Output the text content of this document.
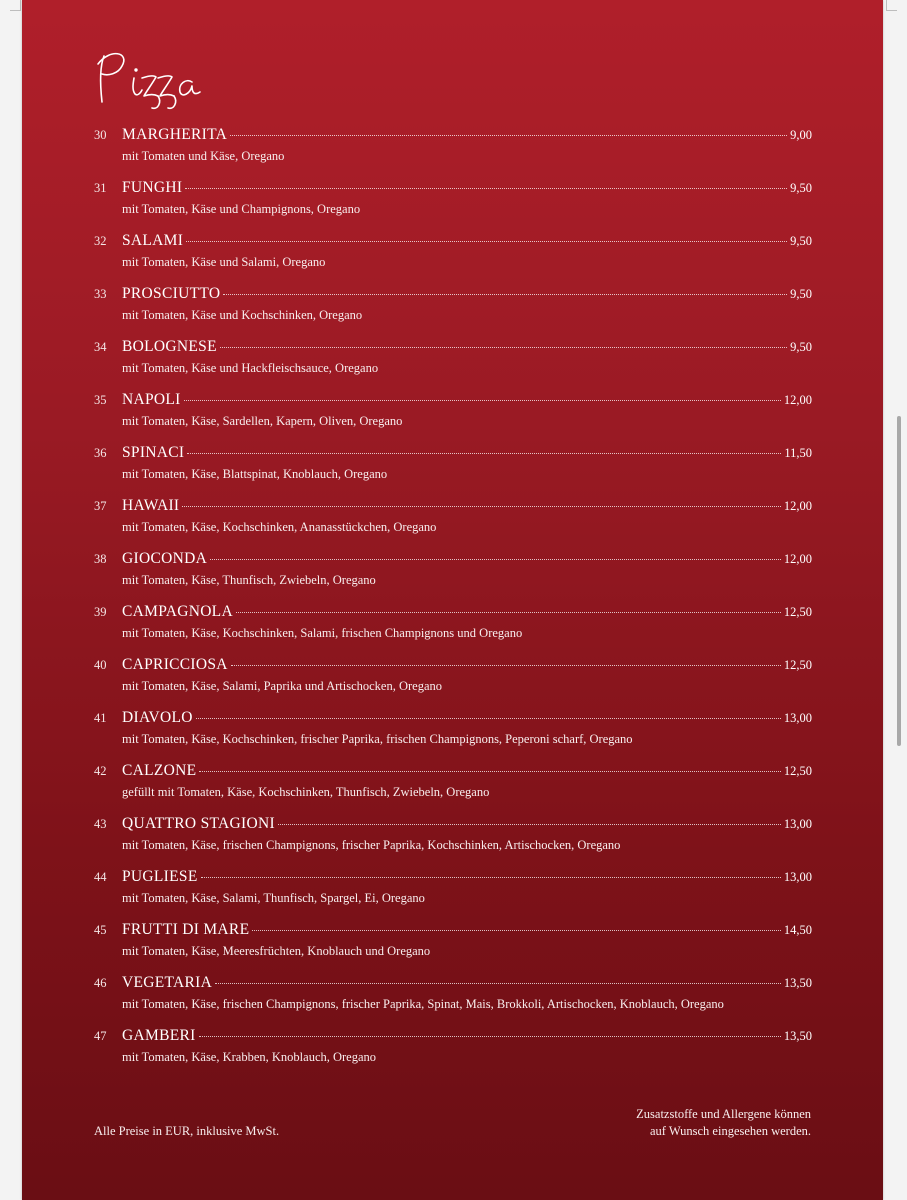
30	MARGHERITA	9,00
mit Tomaten und Käse, Oregano
31	FUNGHI	9,50
mit Tomaten, Käse und Champignons, Oregano
32	SALAMI	9,50
mit Tomaten, Käse und Salami, Oregano
33	PROSCIUTTO	9,50
mit Tomaten, Käse und Kochschinken, Oregano
34	BOLOGNESE	9,50
mit Tomaten, Käse und Hackfleischsauce, Oregano
35	NAPOLI	12,00
mit Tomaten, Käse, Sardellen, Kapern, Oliven, Oregano
36	SPINACI	11,50
mit Tomaten, Käse, Blattspinat, Knoblauch, Oregano
37	HAWAII	12,00
mit Tomaten, Käse, Kochschinken, Ananasstückchen, Oregano
38	GIOCONDA	12,00
mit Tomaten, Käse, Thunfisch, Zwiebeln, Oregano
39	CAMPAGNOLA	12,50
mit Tomaten, Käse, Kochschinken, Salami, frischen Champignons und Oregano
40	CAPRICCIOSA	12,50
mit Tomaten, Käse, Salami, Paprika und Artischocken, Oregano
41	DIAVOLO	13,00
mit Tomaten, Käse, Kochschinken, frischer Paprika, frischen Champignons, Peperoni scharf, Oregano
42	CALZONE	12,50
gefüllt mit Tomaten, Käse, Kochschinken, Thunfisch, Zwiebeln, Oregano
43	QUATTRO STAGIONI	13,00
mit Tomaten, Käse, frischen Champignons, frischer Paprika, Kochschinken, Artischocken, Oregano
44	PUGLIESE	13,00
mit Tomaten, Käse, Salami, Thunfisch, Spargel, Ei, Oregano
45	FRUTTI DI MARE	14,50
mit Tomaten, Käse, Meeresfrüchten, Knoblauch und Oregano
46	VEGETARIA	13,50
mit Tomaten, Käse, frischen Champignons, frischer Paprika, Spinat, Mais, Brokkoli, Artischocken, Knoblauch, Oregano
47	GAMBERI	13,50
mit Tomaten, Käse, Krabben, Knoblauch, Oregano
Alle Preise in EUR, inklusive MwSt.
Zusatzstoffe und Allergene können
auf Wunsch eingesehen werden.
